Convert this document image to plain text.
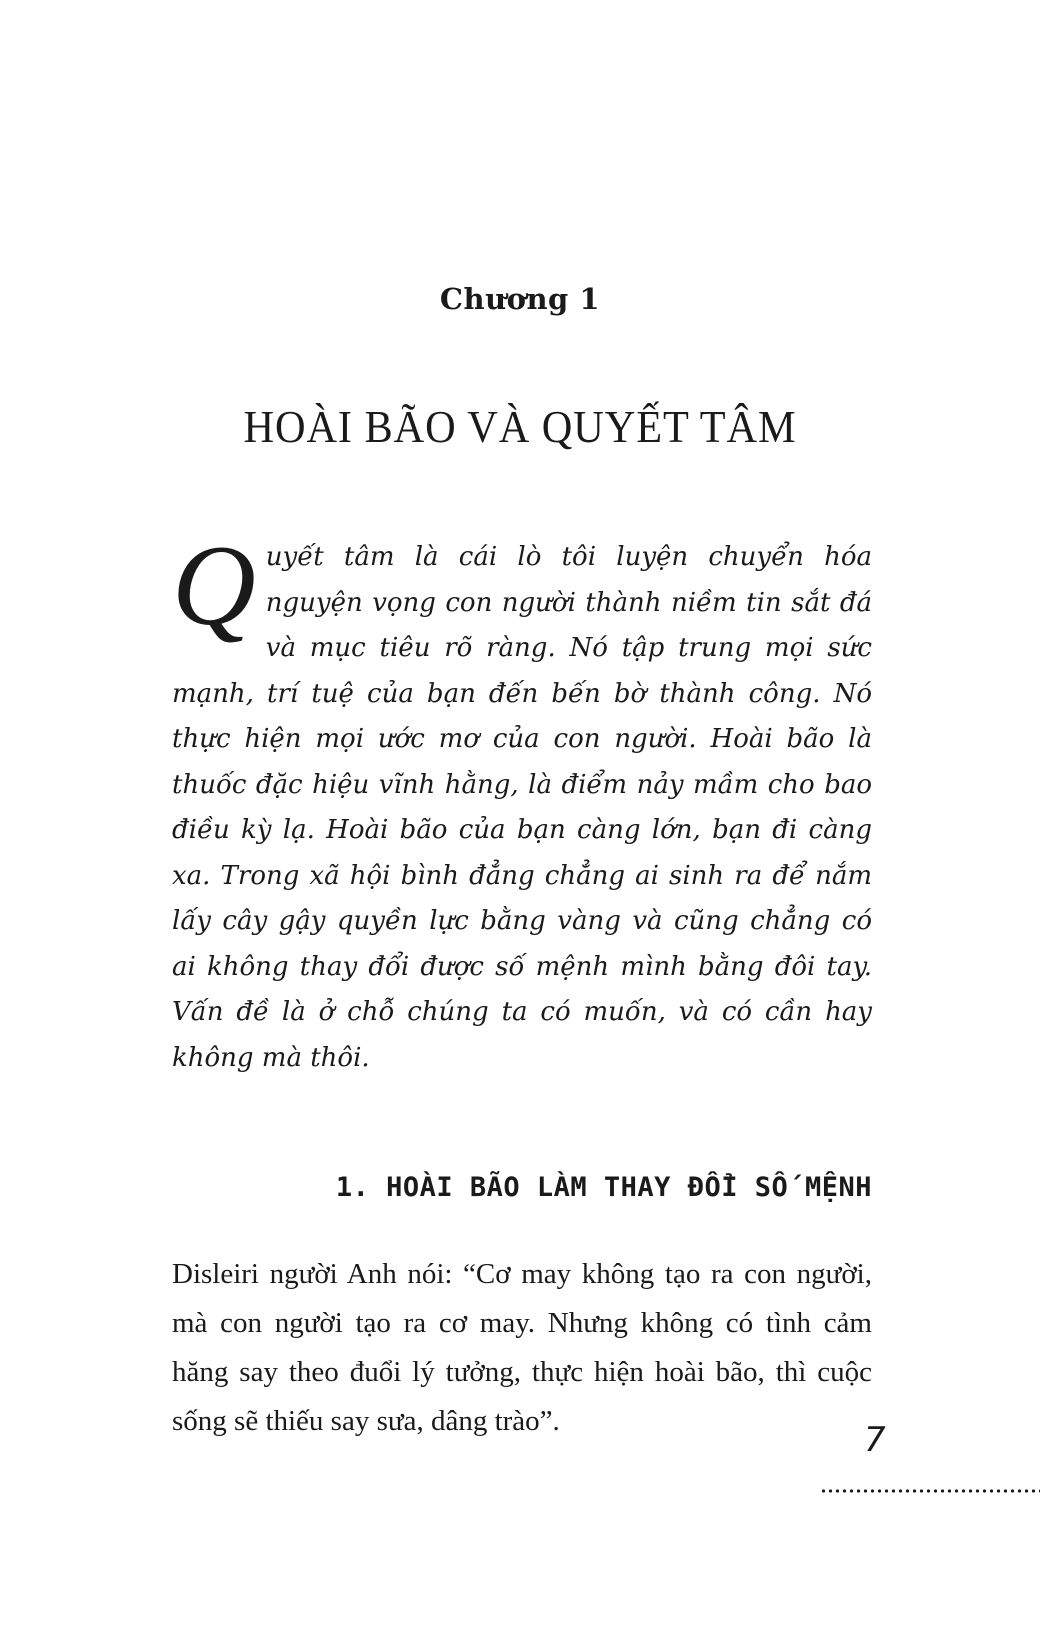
Chương 1
HOÀI BÃO VÀ QUYẾT TÂM
Q uyết tâm là cái lò tôi luyện chuyển hóa nguyện vọng con người thành niềm tin sắt đá và mục tiêu rõ ràng. Nó tập trung mọi sức mạnh, trí tuệ của bạn đến bến bờ thành công. Nó thực hiện mọi ước mơ của con người. Hoài bão là thuốc đặc hiệu vĩnh hằng, là điểm nảy mầm cho bao điều kỳ lạ. Hoài bão của bạn càng lớn, bạn đi càng xa. Trong xã hội bình đẳng chẳng ai sinh ra để nắm lấy cây gậy quyền lực bằng vàng và cũng chẳng có ai không thay đổi được số mệnh mình bằng đôi tay. Vấn đề là ở chỗ chúng ta có muốn, và có cần hay không mà thôi.
1. HOÀI BÃO LÀM THAY ĐỔI SỐ MỆNH
Disleiri người Anh nói: “Cơ may không tạo ra con người, mà con người tạo ra cơ may. Nhưng không có tình cảm hăng say theo đuổi lý tưởng, thực hiện hoài bão, thì cuộc sống sẽ thiếu say sưa, dâng trào”.	7
